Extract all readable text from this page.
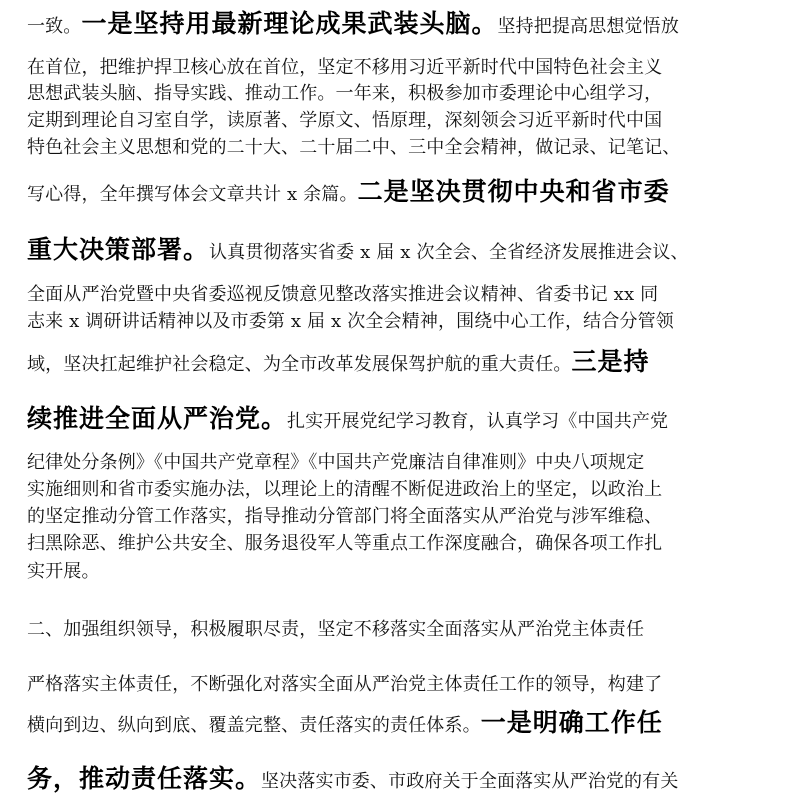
一致。一是坚持用最新理论成果武装头脑。坚持把提高思想觉悟放
在首位，把维护捍卫核心放在首位，坚定不移用习近平新时代中国特色社会主义
思想武装头脑、指导实践、推动工作。一年来，积极参加市委理论中心组学习，
定期到理论自习室自学，读原著、学原文、悟原理，深刻领会习近平新时代中国
特色社会主义思想和党的二十大、二十届二中、三中全会精神，做记录、记笔记、
写心得，全年撰写体会文章共计 x 余篇。二是坚决贯彻中央和省市委
重大决策部署。认真贯彻落实省委 x 届 x 次全会、全省经济发展推进会议、
全面从严治党暨中央省委巡视反馈意见整改落实推进会议精神、省委书记 xx 同
志来 x 调研讲话精神以及市委第 x 届 x 次全会精神，围绕中心工作，结合分管领
域，坚决扛起维护社会稳定、为全市改革发展保驾护航的重大责任。三是持
续推进全面从严治党。扎实开展党纪学习教育，认真学习《中国共产党
纪律处分条例》《中国共产党章程》《中国共产党廉洁自律准则》中央八项规定
实施细则和省市委实施办法，以理论上的清醒不断促进政治上的坚定，以政治上
的坚定推动分管工作落实，指导推动分管部门将全面落实从严治党与涉军维稳、
扫黑除恶、维护公共安全、服务退役军人等重点工作深度融合，确保各项工作扎
实开展。
二、加强组织领导，积极履职尽责，坚定不移落实全面落实从严治党主体责任
严格落实主体责任，不断强化对落实全面从严治党主体责任工作的领导，构建了
横向到边、纵向到底、覆盖完整、责任落实的责任体系。一是明确工作任
务，推动责任落实。坚决落实市委、市政府关于全面落实从严治党的有关
